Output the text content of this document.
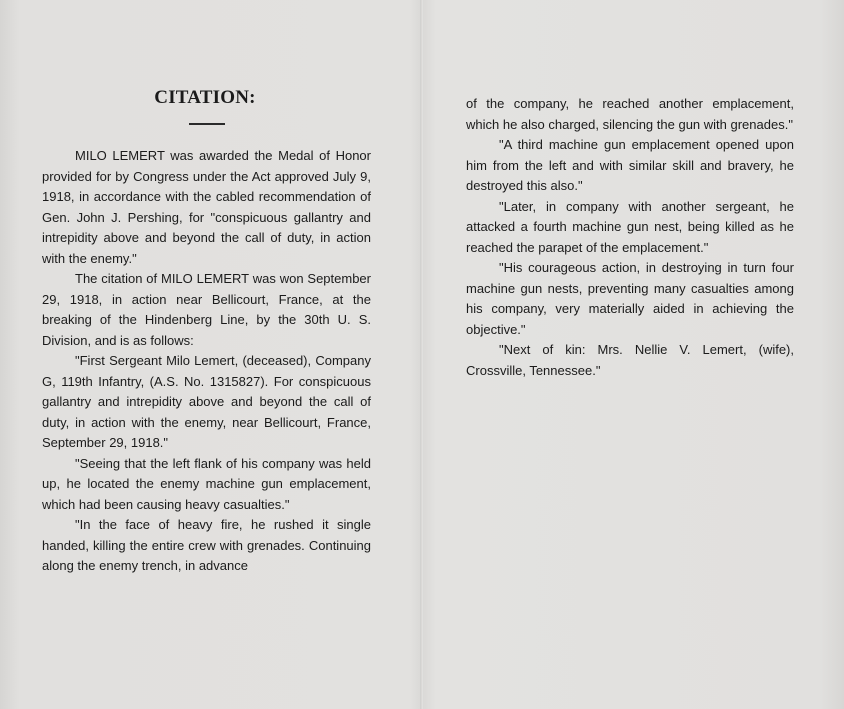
CITATION:

MILO LEMERT was awarded the Medal of Honor provided for by Congress under the Act approved July 9, 1918, in accordance with the cabled recommendation of Gen. John J. Pershing, for "conspicuous gallantry and intrepidity above and beyond the call of duty, in action with the enemy."

The citation of MILO LEMERT was won September 29, 1918, in action near Bellicourt, France, at the breaking of the Hindenberg Line, by the 30th U. S. Division, and is as follows:

"First Sergeant Milo Lemert, (deceased), Company G, 119th Infantry, (A.S. No. 1315827). For conspicuous gallantry and intrepidity above and beyond the call of duty, in action with the enemy, near Bellicourt, France, September 29, 1918."

"Seeing that the left flank of his company was held up, he located the enemy machine gun emplacement, which had been causing heavy casualties."

"In the face of heavy fire, he rushed it single handed, killing the entire crew with grenades. Continuing along the enemy trench, in advance

of the company, he reached another emplacement, which he also charged, silencing the gun with grenades."

"A third machine gun emplacement opened upon him from the left and with similar skill and bravery, he destroyed this also."

"Later, in company with another sergeant, he attacked a fourth machine gun nest, being killed as he reached the parapet of the emplacement."

"His courageous action, in destroying in turn four machine gun nests, preventing many casualties among his company, very materially aided in achieving the objective."

"Next of kin: Mrs. Nellie V. Lemert, (wife), Crossville, Tennessee."
